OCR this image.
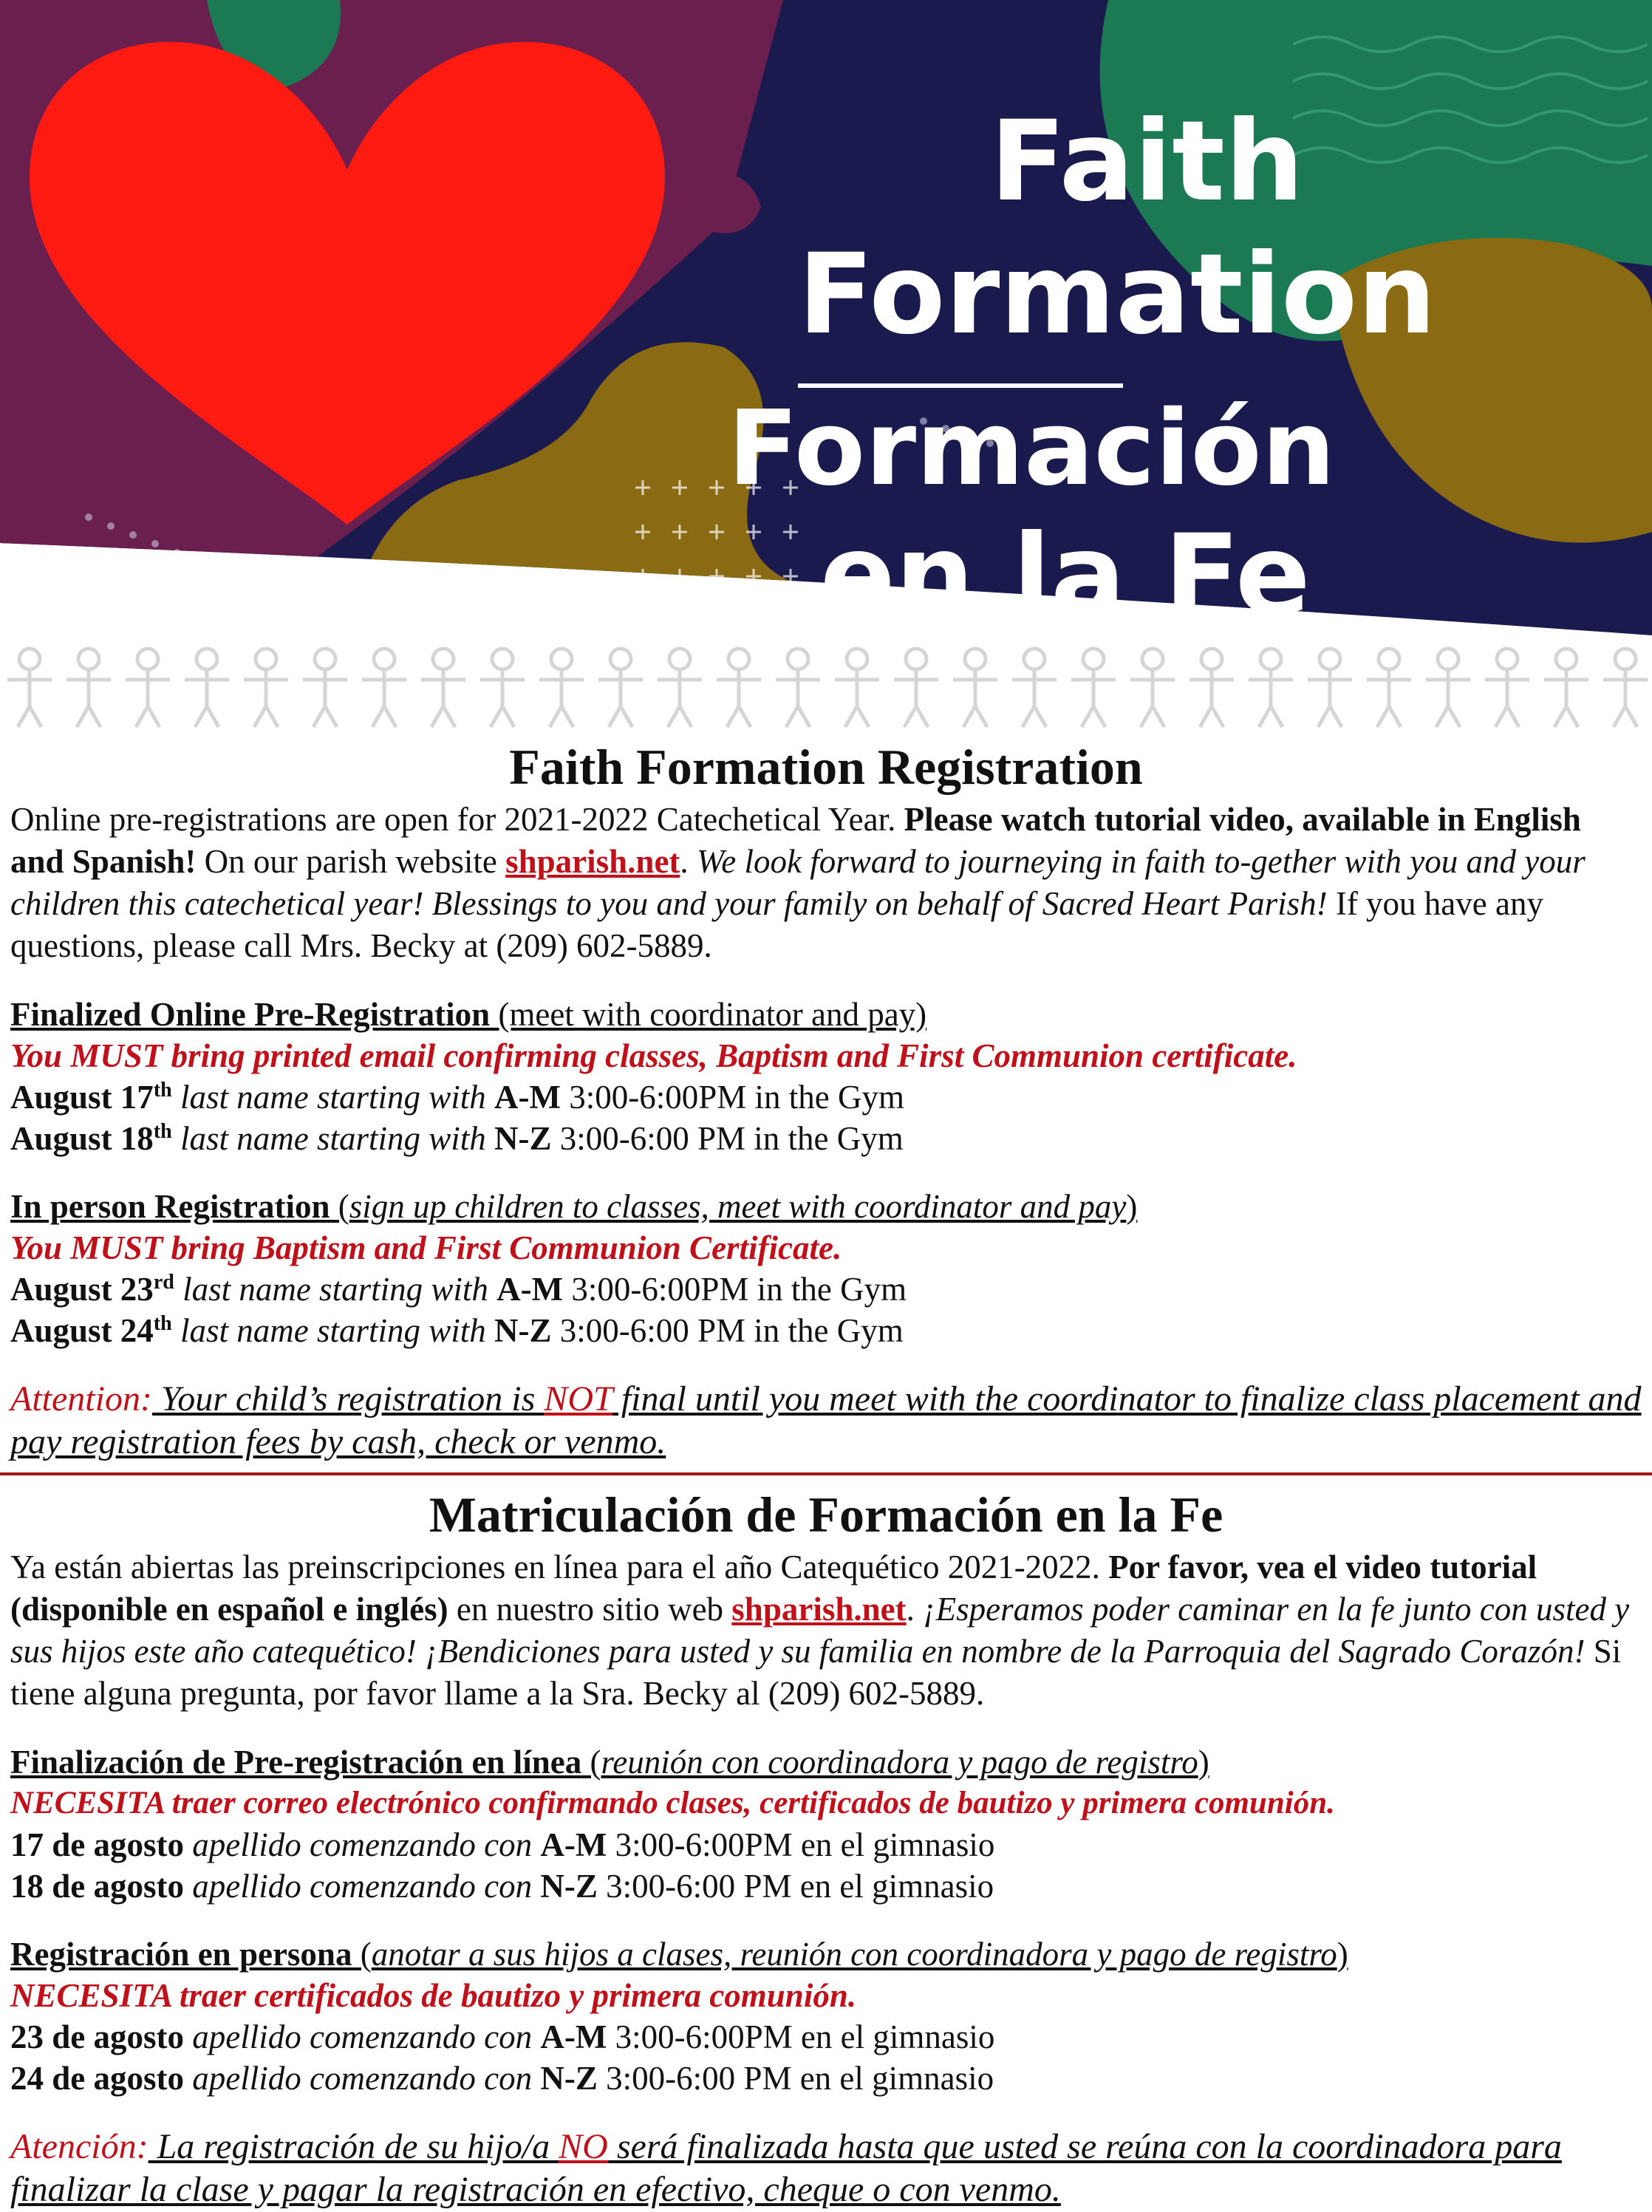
Faith
Formation
Formación
en la Fe
Faith Formation Registration
Online pre-registrations are open for 2021-2022 Catechetical Year. Please watch tutorial video, available in English and Spanish! On our parish website shparish.net. We look forward to journeying in faith to-gether with you and your children this catechetical year! Blessings to you and your family on behalf of Sacred Heart Parish! If you have any questions, please call Mrs. Becky at (209) 602-5889.
Finalized Online Pre-Registration (meet with coordinator and pay)
You MUST bring printed email confirming classes, Baptism and First Communion certificate.
August 17th last name starting with A-M 3:00-6:00PM in the Gym
August 18th last name starting with N-Z 3:00-6:00 PM in the Gym
In person Registration (sign up children to classes, meet with coordinator and pay)
You MUST bring Baptism and First Communion Certificate.
August 23rd last name starting with A-M 3:00-6:00PM in the Gym
August 24th last name starting with N-Z 3:00-6:00 PM in the Gym
Attention: Your child’s registration is NOT final until you meet with the coordinator to finalize class placement and pay registration fees by cash, check or venmo.
Matriculación de Formación en la Fe
Ya están abiertas las preinscripciones en línea para el año Catequético 2021-2022. Por favor, vea el video tutorial (disponible en español e inglés) en nuestro sitio web shparish.net. ¡Esperamos poder caminar en la fe junto con usted y sus hijos este año catequético! ¡Bendiciones para usted y su familia en nombre de la Parroquia del Sagrado Corazón! Si tiene alguna pregunta, por favor llame a la Sra. Becky al (209) 602-5889.
Finalización de Pre-registración en línea (reunión con coordinadora y pago de registro)
NECESITA traer correo electrónico confirmando clases, certificados de bautizo y primera comunión.
17 de agosto apellido comenzando con A-M 3:00-6:00PM en el gimnasio
18 de agosto apellido comenzando con N-Z 3:00-6:00 PM en el gimnasio
Registración en persona (anotar a sus hijos a clases, reunión con coordinadora y pago de registro)
NECESITA traer certificados de bautizo y primera comunión.
23 de agosto apellido comenzando con A-M 3:00-6:00PM en el gimnasio
24 de agosto apellido comenzando con N-Z 3:00-6:00 PM en el gimnasio
Atención: La registración de su hijo/a NO será finalizada hasta que usted se reúna con la coordinadora para finalizar la clase y pagar la registración en efectivo, cheque o con venmo.
